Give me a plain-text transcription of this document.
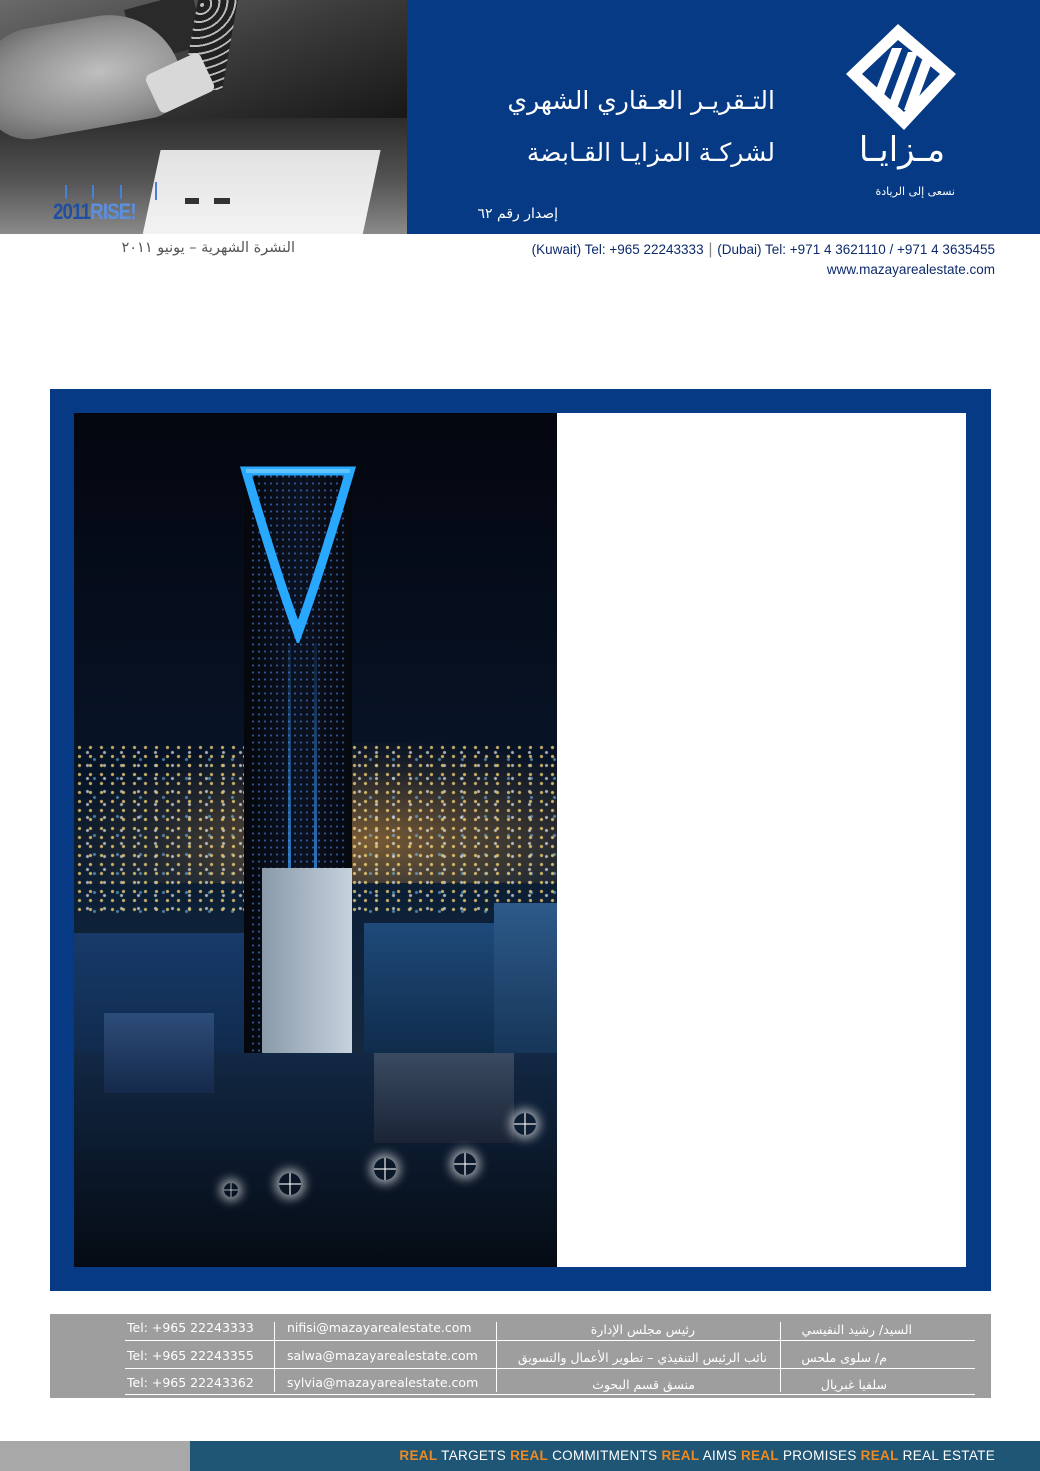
2011RISE!
التـقريـر العـقاري الشهري
لشركـة المزايـا القـابضة
إصدار رقم ٦٢
مـزايـا
نسعى إلى الريادة
(Kuwait) Tel: +965 22243333 | (Dubai) Tel: +971 4 3621110 / +971 4 3635455
www.mazayarealestate.com
النشرة الشهرية – يونيو ٢٠١١
Tel: +965 22243333	nifisi@mazayarealestate.com	رئيس مجلس الإدارة	السيد/ رشيد النفيسي
Tel: +965 22243355	salwa@mazayarealestate.com	نائب الرئيس التنفيذي – تطوير الأعمال والتسويق	م/ سلوى ملحس
Tel: +965 22243362	sylvia@mazayarealestate.com	منسق قسم البحوث	سلفيا غبريال
REAL TARGETS REAL COMMITMENTS REAL AIMS REAL PROMISES REAL REAL ESTATE
